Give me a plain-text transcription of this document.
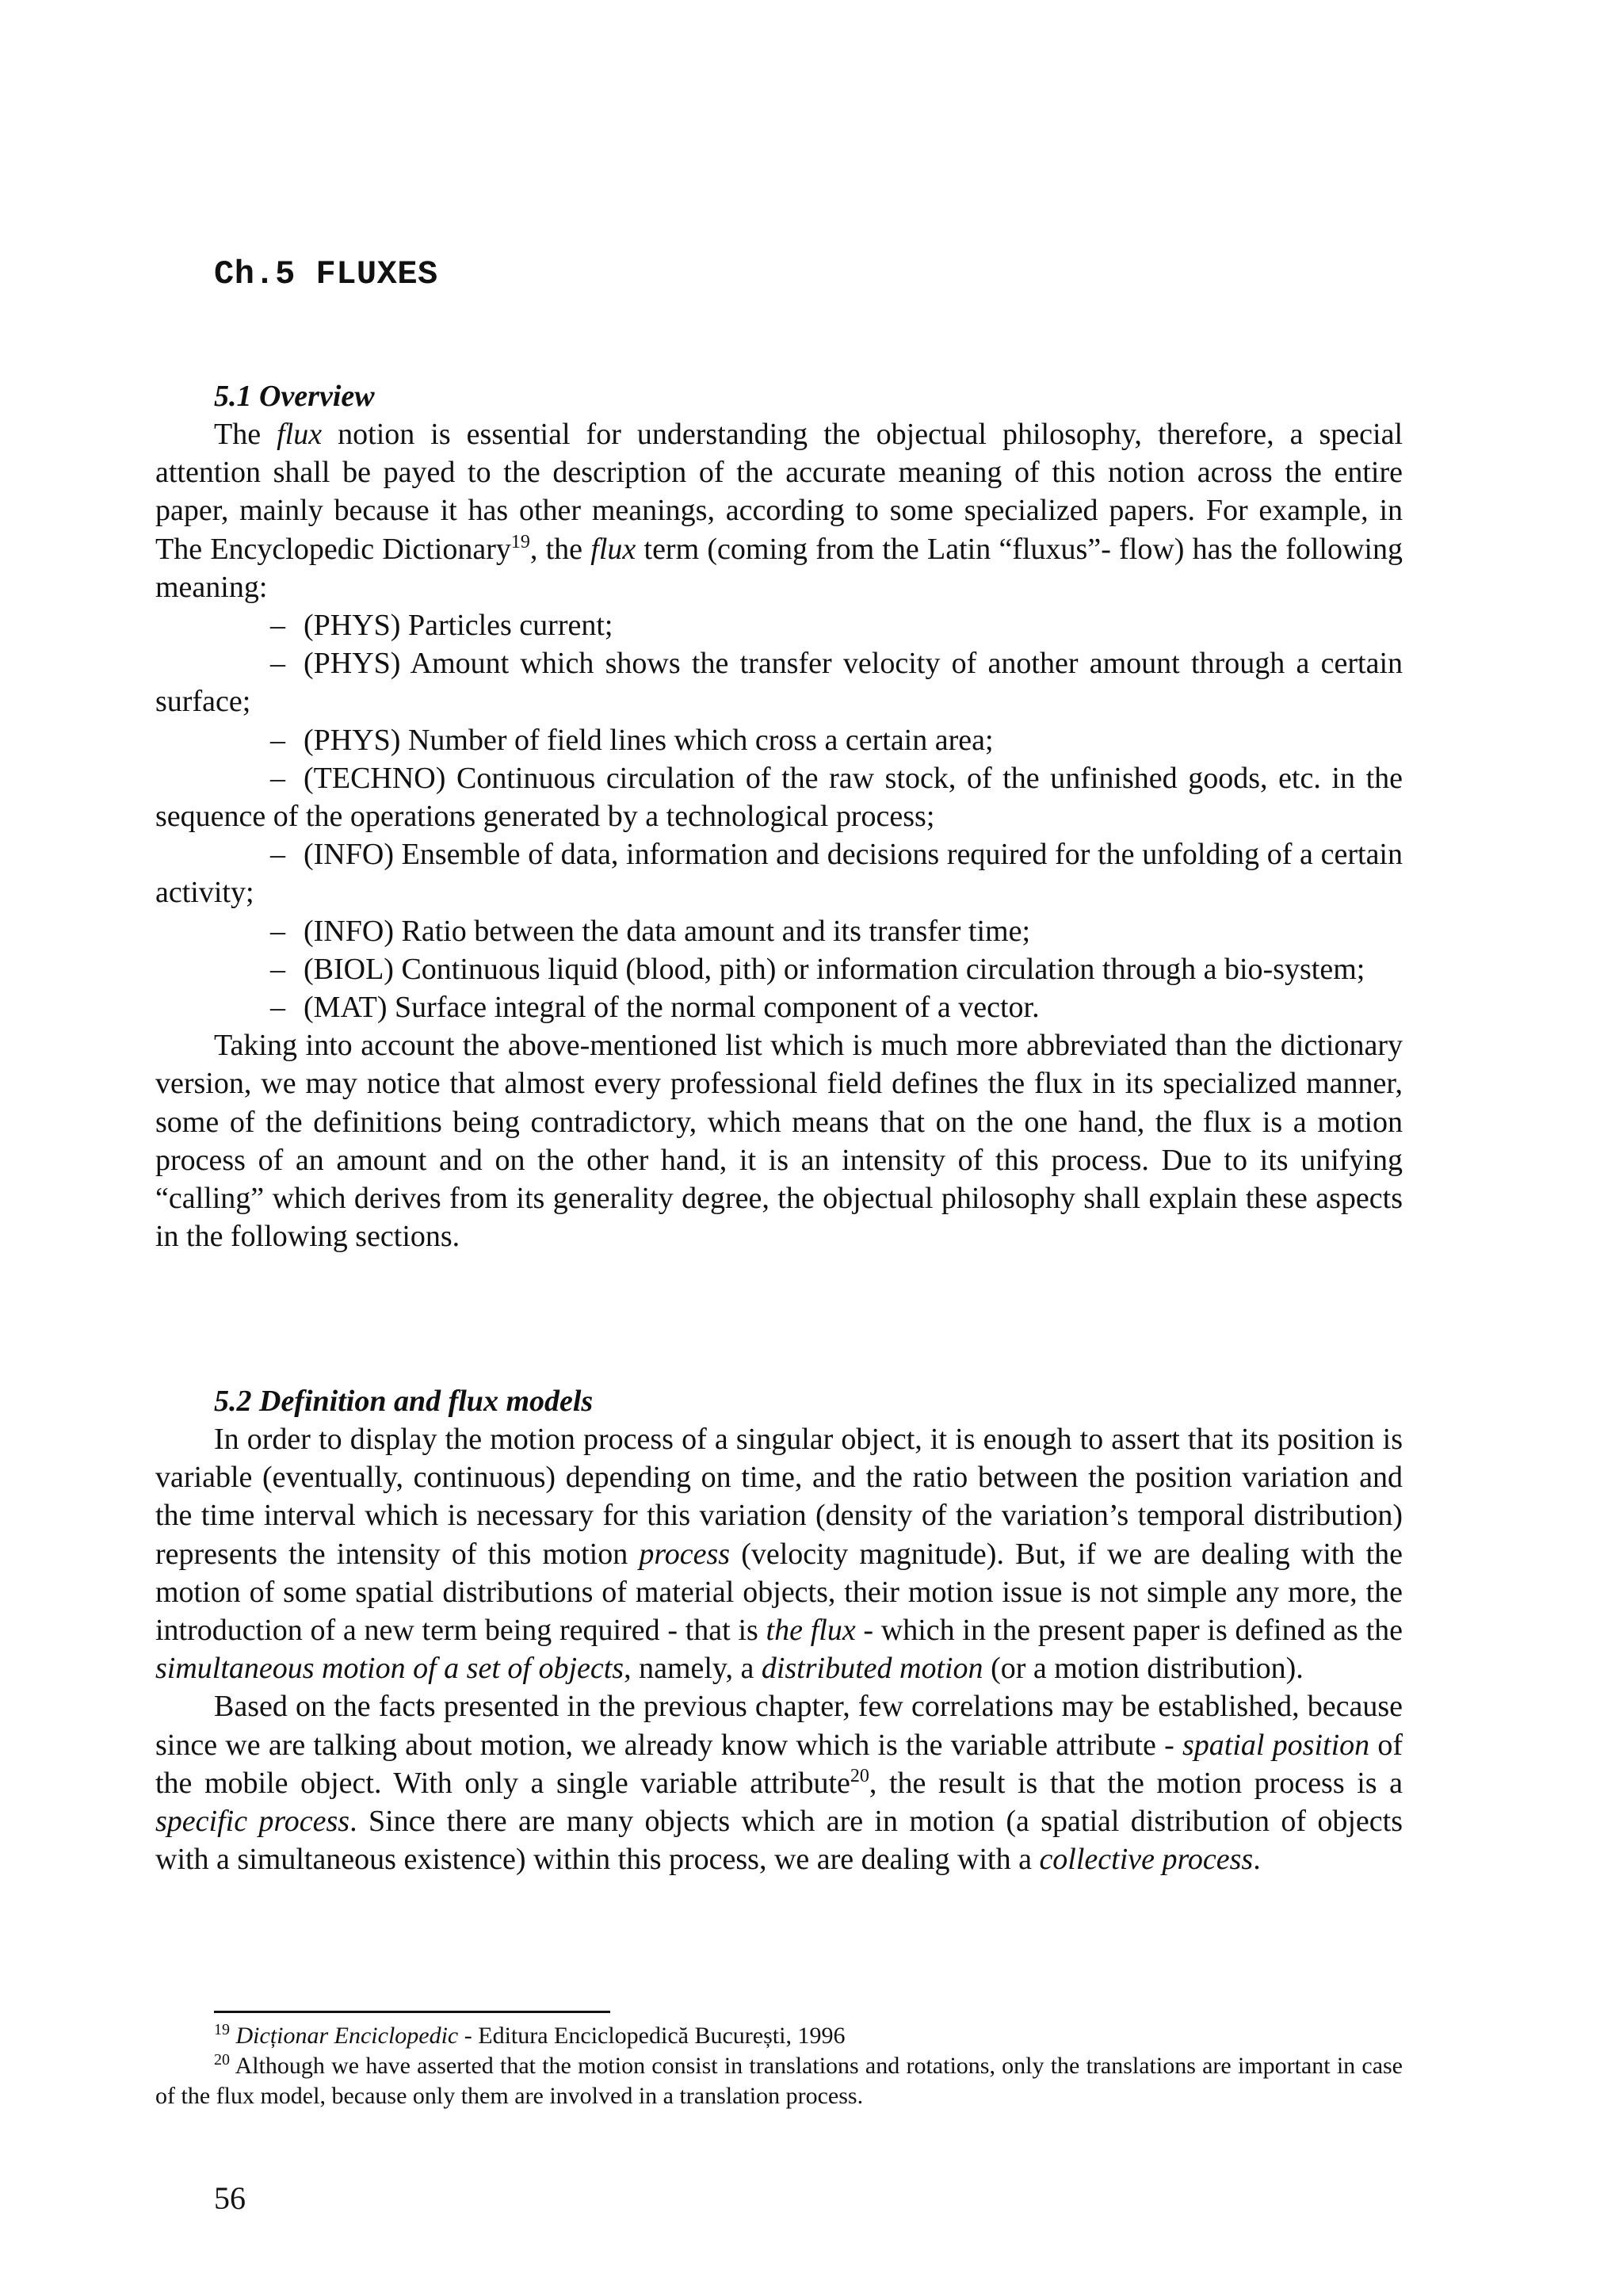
Ch.5 FLUXES
5.1 Overview

The flux notion is essential for understanding the objectual philosophy, therefore, a special attention shall be payed to the description of the accurate meaning of this notion across the entire paper, mainly because it has other meanings, according to some specialized papers. For example, in The Encyclopedic Dictionary$^{19}$, the flux term (coming from the Latin “fluxus”- flow) has the following meaning:

– (PHYS) Particles current;
– (PHYS) Amount which shows the transfer velocity of another amount through a certain surface;
– (PHYS) Number of field lines which cross a certain area;
– (TECHNO) Continuous circulation of the raw stock, of the unfinished goods, etc. in the sequence of the operations generated by a technological process;
– (INFO) Ensemble of data, information and decisions required for the unfolding of a certain activity;
– (INFO) Ratio between the data amount and its transfer time;
– (BIOL) Continuous liquid (blood, pith) or information circulation through a bio-system;
– (MAT) Surface integral of the normal component of a vector.

Taking into account the above-mentioned list which is much more abbreviated than the dictionary version, we may notice that almost every professional field defines the flux in its specialized manner, some of the definitions being contradictory, which means that on the one hand, the flux is a motion process of an amount and on the other hand, it is an intensity of this process. Due to its unifying “calling” which derives from its generality degree, the objectual philosophy shall explain these aspects in the following sections.

5.2 Definition and flux models

In order to display the motion process of a singular object, it is enough to assert that its position is variable (eventually, continuous) depending on time, and the ratio between the position variation and the time interval which is necessary for this variation (density of the variation’s temporal distribution) represents the intensity of this motion process (velocity magnitude). But, if we are dealing with the motion of some spatial distributions of material objects, their motion issue is not simple any more, the introduction of a new term being required - that is the flux - which in the present paper is defined as the simultaneous motion of a set of objects, namely, a distributed motion (or a motion distribution).

Based on the facts presented in the previous chapter, few correlations may be established, because since we are talking about motion, we already know which is the variable attribute - spatial position of the mobile object. With only a single variable attribute$^{20}$, the result is that the motion process is a specific process. Since there are many objects which are in motion (a spatial distribution of objects with a simultaneous existence) within this process, we are dealing with a collective process.

$^{19}$ Dicționar Enciclopedic - Editura Enciclopedică București, 1996

$^{20}$ Although we have asserted that the motion consist in translations and rotations, only the translations are important in case of the flux model, because only them are involved in a translation process.

56
